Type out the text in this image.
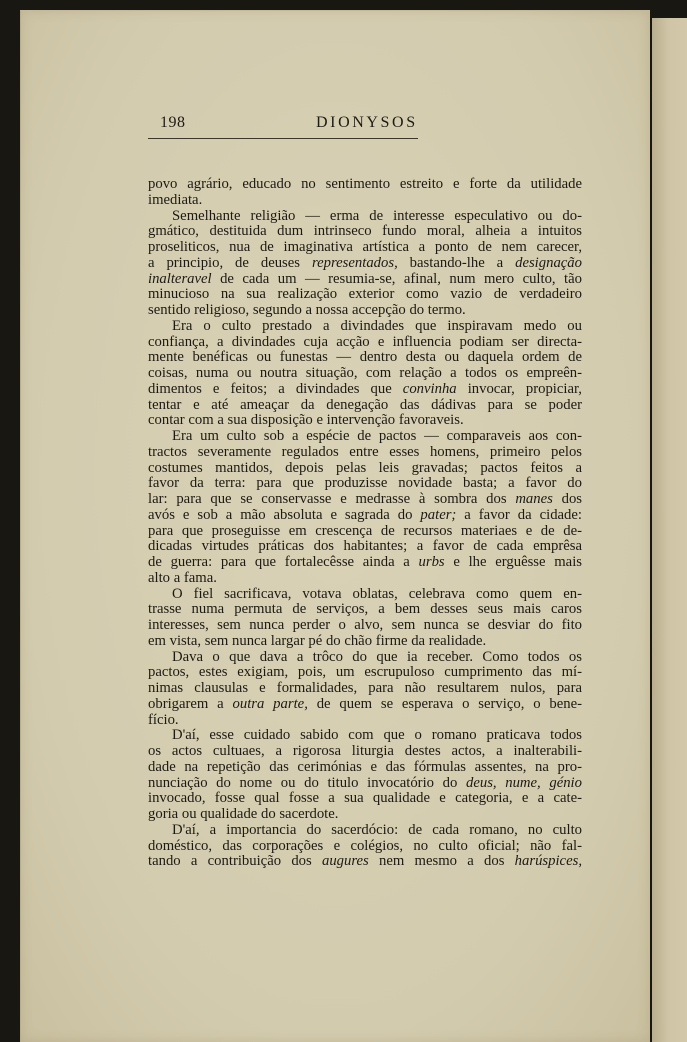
198	DIONYSOS
povo agrário, educado no sentimento estreito e forte da utilidade
imediata.
Semelhante religião — erma de interesse especulativo ou do-
gmático, destituida dum intrinseco fundo moral, alheia a intuitos
proseliticos, nua de imaginativa artística a ponto de nem carecer,
a principio, de deuses representados, bastando-lhe a designação
inalteravel de cada um — resumia-se, afinal, num mero culto, tão
minucioso na sua realização exterior como vazio de verdadeiro
sentido religioso, segundo a nossa accepção do termo.
Era o culto prestado a divindades que inspiravam medo ou
confiança, a divindades cuja acção e influencia podiam ser directa-
mente benéficas ou funestas — dentro desta ou daquela ordem de
coisas, numa ou noutra situação, com relação a todos os empreên-
dimentos e feitos; a divindades que convinha invocar, propiciar,
tentar e até ameaçar da denegação das dádivas para se poder
contar com a sua disposição e intervenção favoraveis.
Era um culto sob a espécie de pactos — comparaveis aos con-
tractos severamente regulados entre esses homens, primeiro pelos
costumes mantidos, depois pelas leis gravadas; pactos feitos a
favor da terra: para que produzisse novidade basta; a favor do
lar: para que se conservasse e medrasse à sombra dos manes dos
avós e sob a mão absoluta e sagrada do pater; a favor da cidade:
para que proseguisse em crescença de recursos materiaes e de de-
dicadas virtudes práticas dos habitantes; a favor de cada emprêsa
de guerra: para que fortalecêsse ainda a urbs e lhe erguêsse mais
alto a fama.
O fiel sacrificava, votava oblatas, celebrava como quem en-
trasse numa permuta de serviços, a bem desses seus mais caros
interesses, sem nunca perder o alvo, sem nunca se desviar do fito
em vista, sem nunca largar pé do chão firme da realidade.
Dava o que dava a trôco do que ia receber. Como todos os
pactos, estes exigiam, pois, um escrupuloso cumprimento das mí-
nimas clausulas e formalidades, para não resultarem nulos, para
obrigarem a outra parte, de quem se esperava o serviço, o bene-
fício.
D'aí, esse cuidado sabido com que o romano praticava todos
os actos cultuaes, a rigorosa liturgia destes actos, a inalterabili-
dade na repetição das cerimónias e das fórmulas assentes, na pro-
nunciação do nome ou do titulo invocatório do deus, nume, génio
invocado, fosse qual fosse a sua qualidade e categoria, e a cate-
goria ou qualidade do sacerdote.
D'aí, a importancia do sacerdócio: de cada romano, no culto
doméstico, das corporações e colégios, no culto oficial; não fal-
tando a contribuição dos augures nem mesmo a dos harúspices,
